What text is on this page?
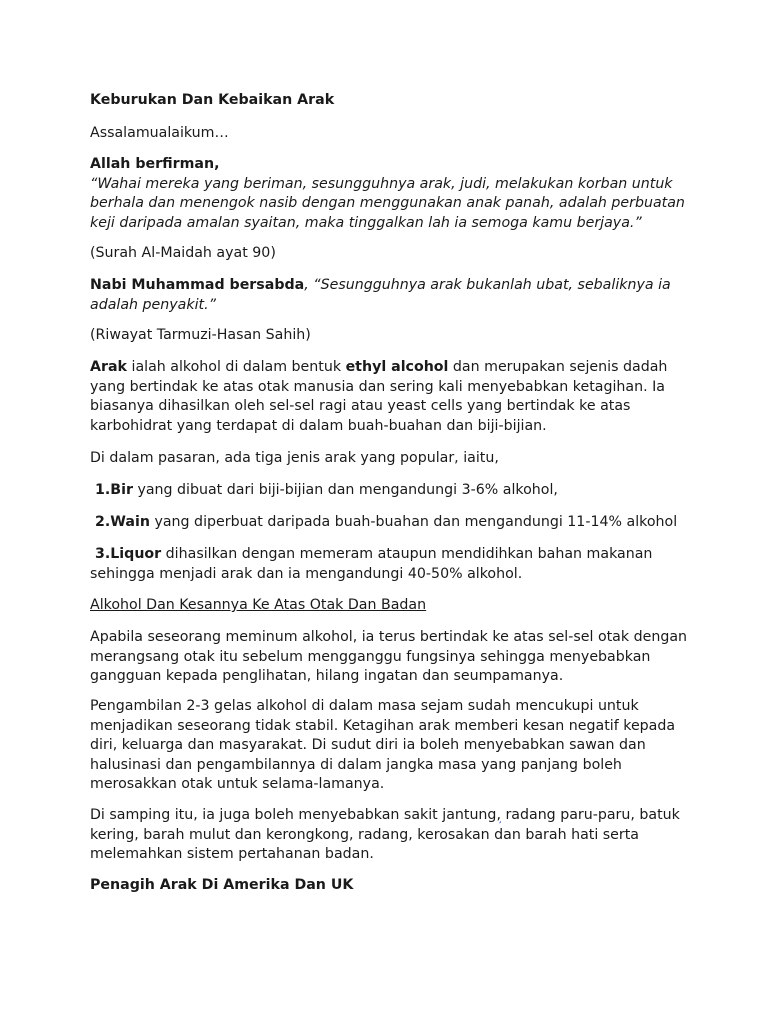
Keburukan Dan Kebaikan Arak
Assalamualaikum…
Allah berfirman,
“Wahai mereka yang beriman, sesungguhnya arak, judi, melakukan korban untuk
berhala dan menengok nasib dengan menggunakan anak panah, adalah perbuatan
keji daripada amalan syaitan, maka tinggalkan lah ia semoga kamu berjaya.”
(Surah Al-Maidah ayat 90)
Nabi Muhammad bersabda, “Sesungguhnya arak bukanlah ubat, sebaliknya ia
adalah penyakit.”
(Riwayat Tarmuzi-Hasan Sahih)
Arak ialah alkohol di dalam bentuk ethyl alcohol dan merupakan sejenis dadah
yang bertindak ke atas otak manusia dan sering kali menyebabkan ketagihan. Ia
biasanya dihasilkan oleh sel-sel ragi atau yeast cells yang bertindak ke atas
karbohidrat yang terdapat di dalam buah-buahan dan biji-bijian.
Di dalam pasaran, ada tiga jenis arak yang popular, iaitu,
1.Bir yang dibuat dari biji-bijian dan mengandungi 3-6% alkohol,
2.Wain yang diperbuat daripada buah-buahan dan mengandungi 11-14% alkohol
3.Liquor dihasilkan dengan memeram ataupun mendidihkan bahan makanan
sehingga menjadi arak dan ia mengandungi 40-50% alkohol.
Alkohol Dan Kesannya Ke Atas Otak Dan Badan
Apabila seseorang meminum alkohol, ia terus bertindak ke atas sel-sel otak dengan
merangsang otak itu sebelum mengganggu fungsinya sehingga menyebabkan
gangguan kepada penglihatan, hilang ingatan dan seumpamanya.
Pengambilan 2-3 gelas alkohol di dalam masa sejam sudah mencukupi untuk
menjadikan seseorang tidak stabil. Ketagihan arak memberi kesan negatif kepada
diri, keluarga dan masyarakat. Di sudut diri ia boleh menyebabkan sawan dan
halusinasi dan pengambilannya di dalam jangka masa yang panjang boleh
merosakkan otak untuk selama-lamanya.
Di samping itu, ia juga boleh menyebabkan sakit jantung, radang paru-paru, batuk
kering, barah mulut dan kerongkong, radang, kerosakan dan barah hati serta
melemahkan sistem pertahanan badan.
Penagih Arak Di Amerika Dan UK
